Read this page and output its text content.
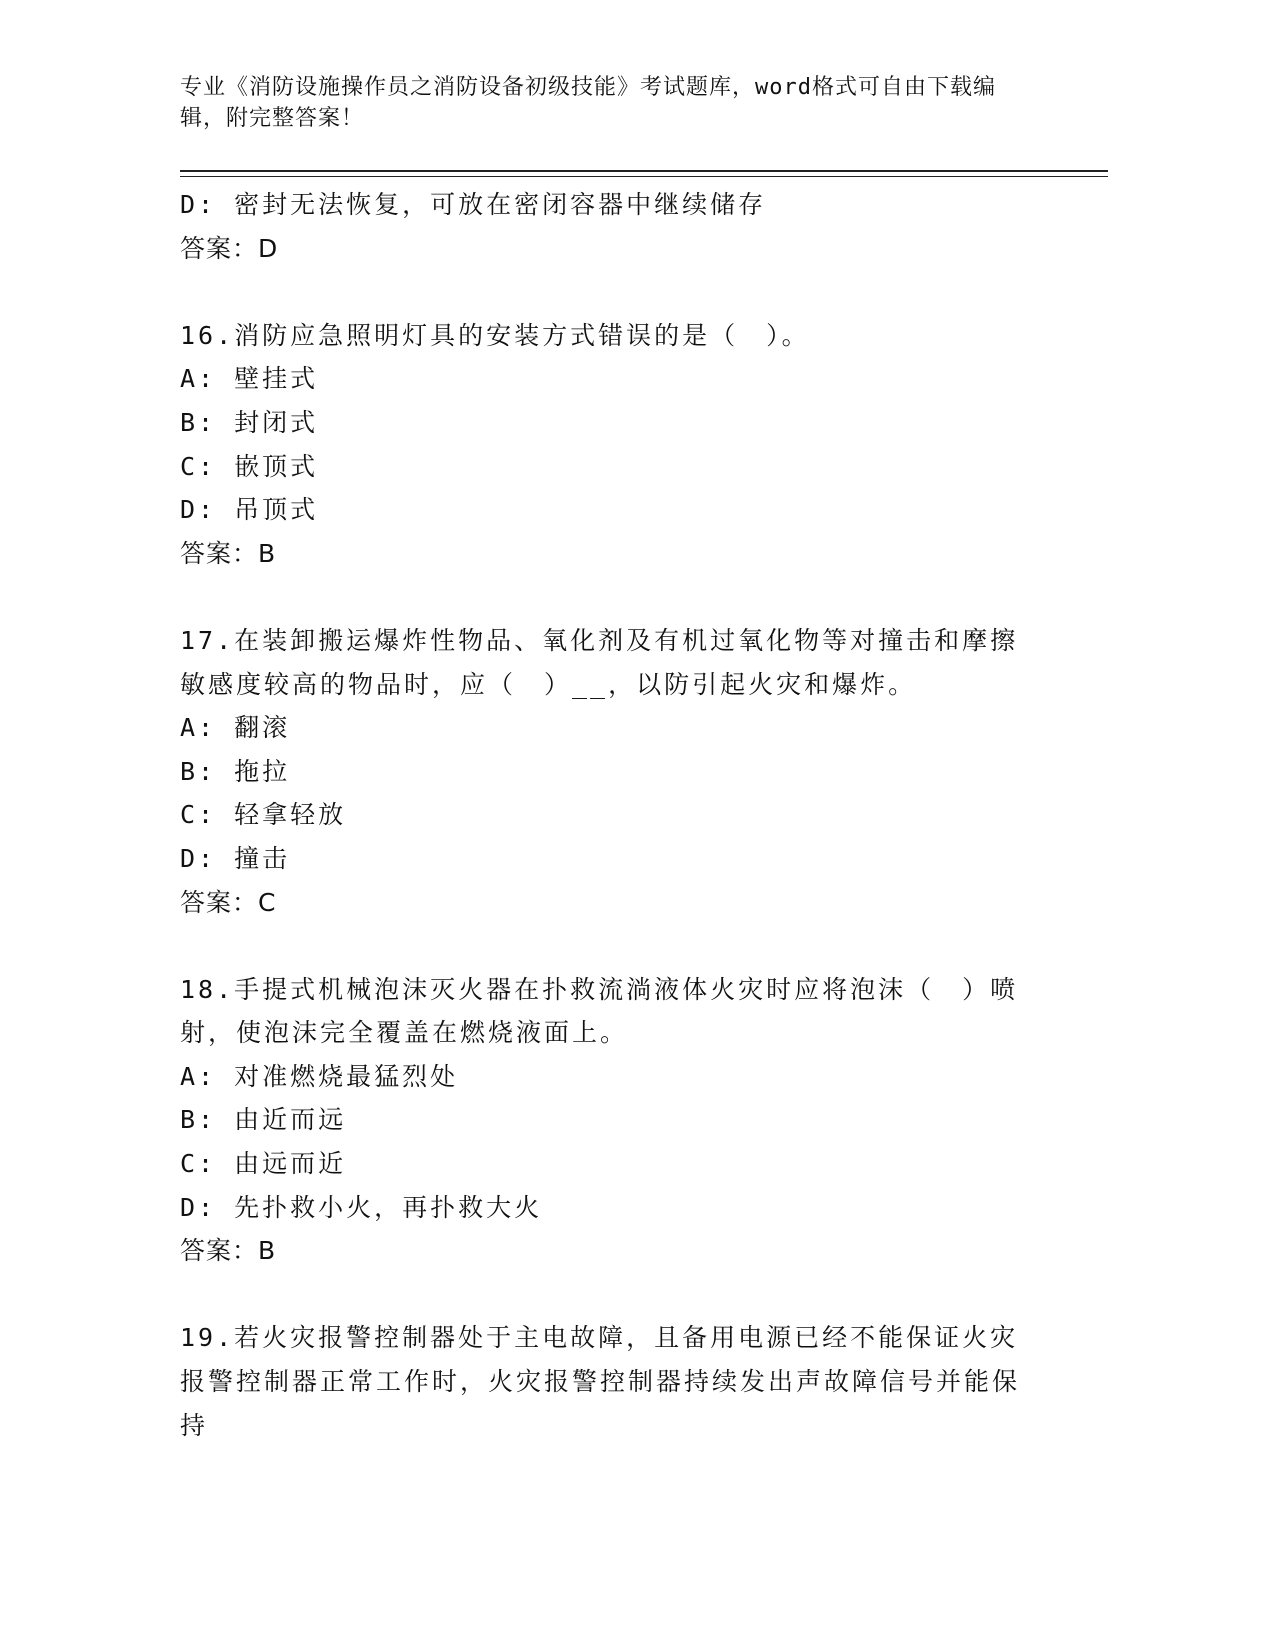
专业《消防设施操作员之消防设备初级技能》考试题库，word格式可自由下载编辑，附完整答案！
D: 密封无法恢复，可放在密闭容器中继续储存
答案：D
16.消防应急照明灯具的安装方式错误的是（　）。
A: 壁挂式
B: 封闭式
C: 嵌顶式
D: 吊顶式
答案：B
17.在装卸搬运爆炸性物品、氧化剂及有机过氧化物等对撞击和摩擦敏感度较高的物品时，应（　）__，以防引起火灾和爆炸。
A: 翻滚
B: 拖拉
C: 轻拿轻放
D: 撞击
答案：C
18.手提式机械泡沫灭火器在扑救流淌液体火灾时应将泡沫（　）喷射，使泡沫完全覆盖在燃烧液面上。
A: 对准燃烧最猛烈处
B: 由近而远
C: 由远而近
D: 先扑救小火，再扑救大火
答案：B
19.若火灾报警控制器处于主电故障，且备用电源已经不能保证火灾报警控制器正常工作时，火灾报警控制器持续发出声故障信号并能保持
